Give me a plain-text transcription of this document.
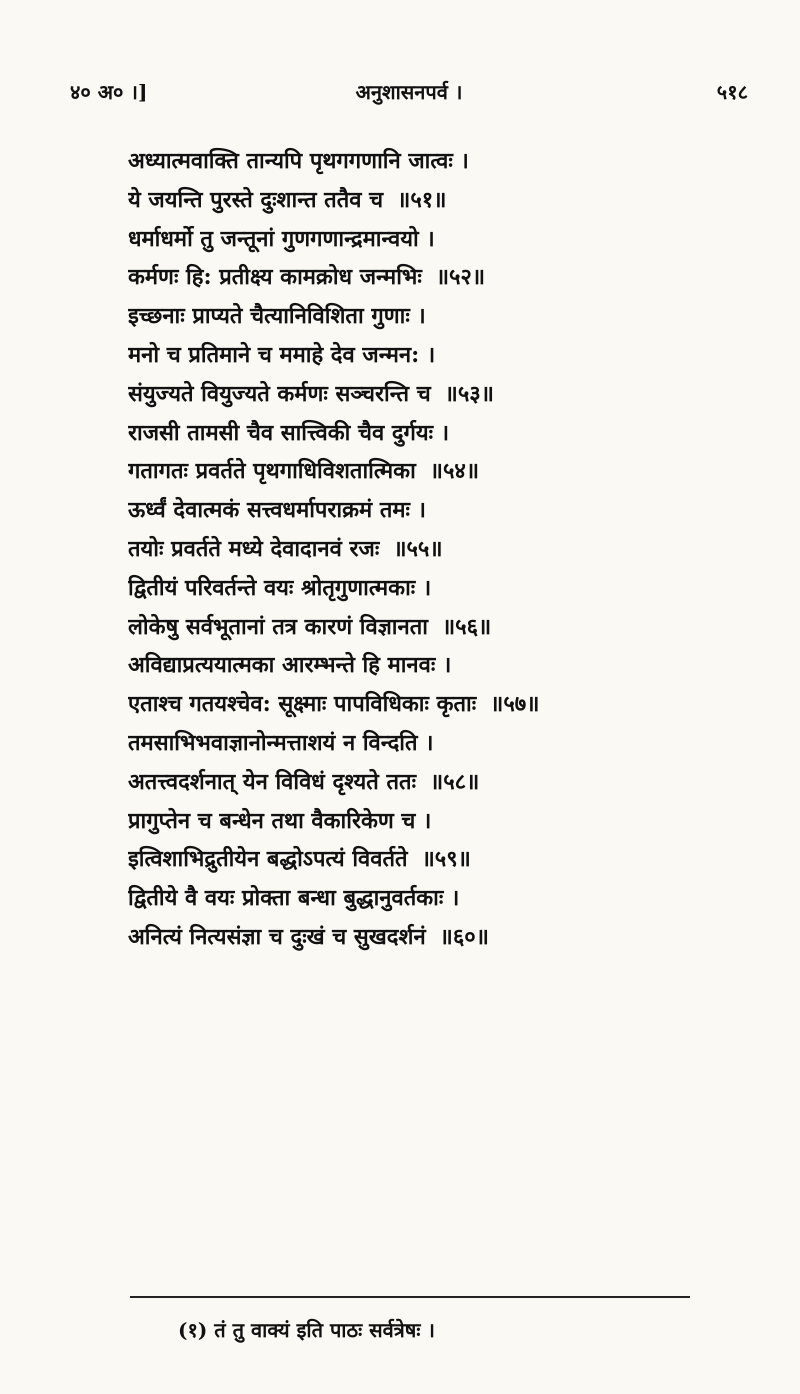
४० अ० ।]	अनुशासनपर्व ।	५१८
अध्यात्मवाक्ति तान्यपि पृथगगणानि जात्वः ।
ये जयन्ति पुरस्ते दुःशान्त ततैव च ॥५१॥
धर्माधर्मो तु जन्तूनां गुणगणान्द्रमान्वयो ।
कर्मणः हि: प्रतीक्ष्य कामक्रोध जन्मभिः ॥५२॥
इच्छनाः प्राप्यते चैत्यानिविशिता गुणाः ।
मनो च प्रतिमाने च ममाहे देव जन्मन: ।
संयुज्यते वियुज्यते कर्मणः सञ्चरन्ति च ॥५३॥
राजसी तामसी चैव सात्त्विकी चैव दुर्गयः ।
गतागतः प्रवर्तते पृथगाधिविशतात्मिका ॥५४॥
ऊर्ध्वं देवात्मकं सत्त्वधर्मापराक्रमं तमः ।
तयोः प्रवर्तते मध्ये देवादानवं रजः ॥५५॥
द्वितीयं परिवर्तन्ते वयः श्रोतृगुणात्मकाः ।
लोकेषु सर्वभूतानां तत्र कारणं विज्ञानता ॥५६॥
अविद्याप्रत्ययात्मका आरम्भन्ते हि मानवः ।
एताश्च गतयश्चेव: सूक्ष्माः पापविधिकाः कृताः ॥५७॥
तमसाभिभवाज्ञानोन्मत्ताशयं न विन्दति ।
अतत्त्वदर्शनात् येन विविधं दृश्यते ततः ॥५८॥
प्रागुप्तेन च बन्धेन तथा वैकारिकेण च ।
इत्विशाभिद्रुतीयेन बद्धोऽपत्यं विवर्तते ॥५९॥
द्वितीये वै वयः प्रोक्ता बन्धा बुद्धानुवर्तकाः ।
अनित्यं नित्यसंज्ञा च दुःखं च सुखदर्शनं ॥६०॥
(१) तं तु वाक्यं इति पाठः सर्वत्रेषः ।
